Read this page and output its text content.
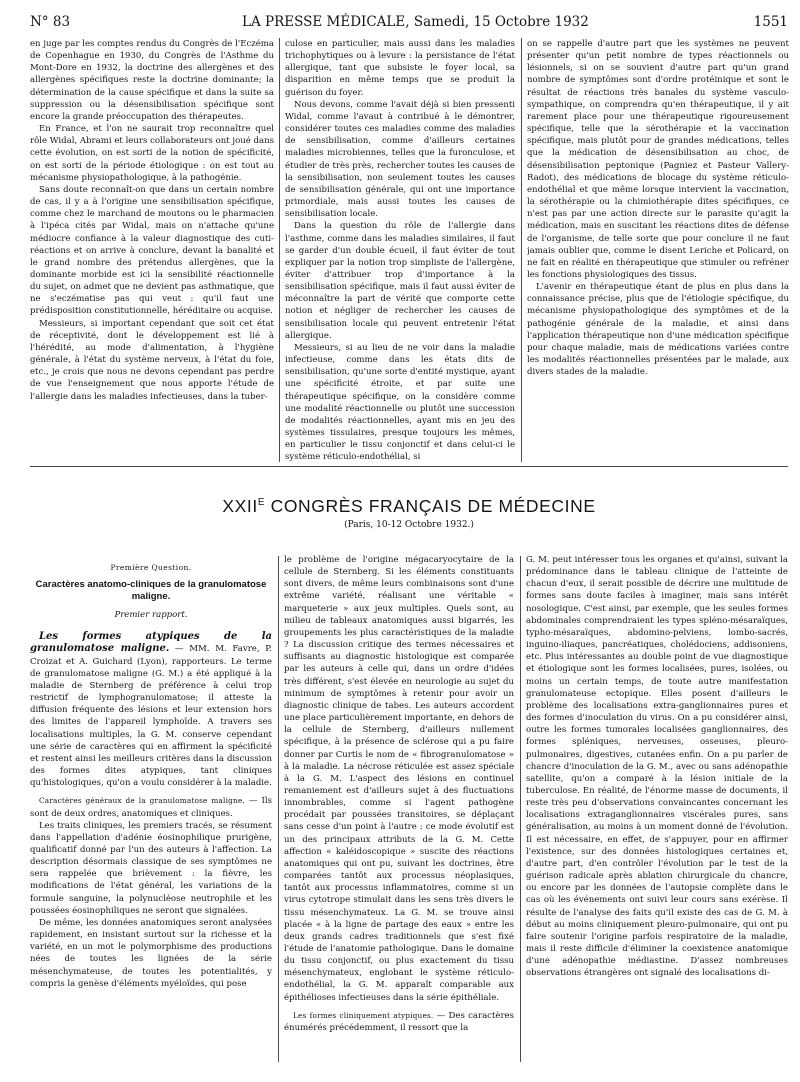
N° 83	LA PRESSE MÉDICALE, Samedi, 15 Octobre 1932	1551

en juge par les comptes rendus du Congrès de l'Eczéma de Copenhague en 1930, du Congrès de l'Asthme du Mont-Dore en 1932, la doctrine des allergènes et des allergènes spécifiques reste la doctrine dominante; la détermination de la cause spécifique et dans la suite sa suppression ou la désensibilisation spécifique sont encore la grande préoccupation des thérapeutes.

En France, et l'on ne saurait trop reconnaître quel rôle Widal, Abrami et leurs collaborateurs ont joué dans cette évolution, on est sorti de la notion de spécificité, on est sorti de la période étiologique : on est tout au mécanisme physiopathologique, à la pathogénie.

Sans doute reconnaît-on que dans un certain nombre de cas, il y a à l'origine une sensibilisation spécifique, comme chez le marchand de moutons ou le pharmacien à l'ipéca cités par Widal, mais on n'attache qu'une médiocre confiance à la valeur diagnostique des cuti-réactions et on arrive à conclure, devant la banalité et le grand nombre des prétendus allergènes, que la dominante morbide est ici la sensibilité réactionnelle du sujet, on admet que ne devient pas asthmatique, que ne s'eczématise pas qui veut : qu'il faut une prédisposition constitutionnelle, héréditaire ou acquise.

Messieurs, si important cependant que soit cet état de réceptivité, dont le développement est lié à l'hérédité, au mode d'alimentation, à l'hygiène générale, à l'état du système nerveux, à l'état du foie, etc., je crois que nous ne devons cependant pas perdre de vue l'enseignement que nous apporte l'étude de l'allergie dans les maladies infectieuses, dans la tuber-

culose en particulier, mais aussi dans les maladies trichophytiques ou à levure : la persistance de l'état allergique, tant que subsiste le foyer local, sa disparition en même temps que se produit la guérison du foyer.

Nous devons, comme l'avait déjà si bien pressenti Widal, comme l'avaut à contribué à le démontrer, considérer toutes ces maladies comme des maladies de sensibilisation, comme d'ailleurs certaines maladies microbiennes, telles que la furonculose, et étudier de très près, rechercher toutes les causes de la sensibilisation, non seulement toutes les causes de sensibilisation générale, qui ont une importance primordiale, mais aussi toutes les causes de sensibilisation locale.

Dans la question du rôle de l'allergie dans l'asthme, comme dans les maladies similaires, il faut se garder d'un double écueil, il faut éviter de tout expliquer par la notion trop simpliste de l'allergène, éviter d'attribuer trop d'importance à la sensibilisation spécifique, mais il faut aussi éviter de méconnaître la part de vérité que comporte cette notion et négliger de rechercher les causes de sensibilisation locale qui peuvent entretenir l'état allergique.

Messieurs, si au lieu de ne voir dans la maladie infectieuse, comme dans les états dits de sensibilisation, qu'une sorte d'entité mystique, ayant une spécificité étroite, et par suite une thérapeutique spécifique, on la considère comme une modalité réactionnelle ou plutôt une succession de modalités réactionnelles, ayant mis en jeu des systèmes tissulaires, presque toujours les mêmes, en particulier le tissu conjonctif et dans celui-ci le système réticulo-endothélial, si

on se rappelle d'autre part que les systèmes ne peuvent présenter qu'un petit nombre de types réactionnels ou lésionnels, si on se souvient d'autre part qu'un grand nombre de symptômes sont d'ordre protéinique et sont le résultat de réactions très banales du système vasculo-sympathique, on comprendra qu'en thérapeutique, il y ait rarement place pour une thérapeutique rigoureusement spécifique, telle que la sérothérapie et la vaccination spécifique, mais plutôt pour de grandes médications, telles que la médication de désensibilisation au choc, de désensibilisation peptonique (Pagniez et Pasteur Vallery-Radot), des médications de blocage du système réticulo-endothélial et que même lorsque intervient la vaccination, la sérothérapie ou la chimiothérapie dites spécifiques, ce n'est pas par une action directe sur le parasite qu'agit la médication, mais en suscitant les réactions dites de défense de l'organisme, de telle sorte que pour conclure il ne faut jamais oublier que, comme le disent Leriche et Policard, on ne fait en réalité en thérapeutique que stimuler ou refréner les fonctions physiologiques des tissus.

L'avenir en thérapeutique étant de plus en plus dans la connaissance précise, plus que de l'étiologie spécifique, du mécanisme physiopathologique des symptômes et de la pathogénie générale de la maladie, et ainsi dans l'application thérapeutique non d'une médication spécifique pour chaque maladie, mais de médications variées contre les modalités réactionnelles présentées par le malade, aux divers stades de la maladie.

$XXII^E$ CONGRÈS FRANÇAIS DE MÉDECINE
(Paris, 10-12 Octobre 1932.)

Première Question.

Caractères anatomo-cliniques de la granulomatose maligne.

Premier rapport.

Les formes atypiques de la granulomatose maligne. — MM. M. Favre, P. Croizat et A. Guichard (Lyon), rapporteurs. Le terme de granulomatose maligne (G. M.) a été appliqué à la maladie de Sternberg de préférence à celui trop restrictif de lymphogranulomatose; il atteste la diffusion fréquente des lésions et leur extension hors des limites de l'appareil lymphoïde. A travers ses localisations multiples, la G. M. conserve cependant une série de caractères qui en affirment la spécificité et restent ainsi les meilleurs critères dans la discussion des formes dites atypiques, tant cliniques qu'histologiques, qu'on a voulu considérer à la maladie.

Caractères généraux de la granulomatose maligne. — Ils sont de deux ordres, anatomiques et cliniques.

Les traits cliniques, les premiers tracés, se résument dans l'appellation d'adénie éosinophilique prurigène, qualificatif donné par l'un des auteurs à l'affection. La description désormais classique de ses symptômes ne sera rappelée que brièvement : la fièvre, les modifications de l'état général, les variations de la formule sanguine, la polynucléose neutrophile et les poussées éosinophiliques ne seront que signalées.

De même, les données anatomiques seront analysées rapidement, en insistant surtout sur la richesse et la variété, en un mot le polymorphisme des productions nées de toutes les lignées de la série mésenchymateuse, de toutes les potentialités, y compris la genèse d'éléments myéloïdes, qui pose

le problème de l'origine mégacaryocytaire de la cellule de Sternberg. Si les éléments constituants sont divers, de même leurs combinaisons sont d'une extrême variété, réalisant une véritable « marqueterie » aux jeux multiples. Quels sont, au milieu de tableaux anatomiques aussi bigarrés, les groupements les plus caractéristiques de la maladie ? La discussion critique des termes nécessaires et suffisants au diagnostic histologique est comparée par les auteurs à celle qui, dans un ordre d'idées très différent, s'est élevée en neurologie au sujet du minimum de symptômes à retenir pour avoir un diagnostic clinique de tabes. Les auteurs accordent une place particulièrement importante, en dehors de la cellule de Sternberg, d'ailleurs nullement spécifique, à la présence de sclérose qui a pu faire donner par Curtis le nom de « fibrogranulomatose » à la maladie. La nécrose réticulée est assez spéciale à la G. M. L'aspect des lésions en continuel remaniement est d'ailleurs sujet à des fluctuations innombrables, comme si l'agent pathogène procédait par poussées transitoires, se déplaçant sans cesse d'un point à l'autre : ce mode évolutif est un des principaux attributs de la G. M. Cette affection « kaléidoscopique » suscite des réactions anatomiques qui ont pu, suivant les doctrines, être comparées tantôt aux processus néoplasiques, tantôt aux processus inflammatoires, comme si un virus cytotrope stimulait dans les sens très divers le tissu mésenchymateux. La G. M. se trouve ainsi placée « à la ligne de partage des eaux » entre les deux grands cadres traditionnels que s'est fixé l'étude de l'anatomie pathologique. Dans le domaine du tissu conjonctif, ou plus exactement du tissu mésenchymateux, englobant le système réticulo-endothélial, la G. M. apparaît comparable aux épithélioses infectieuses dans la série épithéliale.

Les formes cliniquement atypiques. — Des caractères énumérés précédemment, il ressort que la

G. M. peut intéresser tous les organes et qu'ainsi, suivant la prédominance dans le tableau clinique de l'atteinte de chacun d'eux, il serait possible de décrire une multitude de formes sans doute faciles à imaginer, mais sans intérêt nosologique. C'est ainsi, par exemple, que les seules formes abdominales comprendraient les types spléno-mésaraïques, typho-mésaraïques, abdomino-pelviens, lombo-sacrés, inguino-iliaques, pancréatiques, cholédociens, addisoniens, etc. Plus intéressantes au double point de vue diagnostique et étiologique sont les formes localisées, pures, isolées, ou moins un certain temps, de toute autre manifestation granulomateuse ectopique. Elles posent d'ailleurs le problème des localisations extra-ganglionnaires pures et des formes d'inoculation du virus. On a pu considérer ainsi, outre les formes tumorales localisées ganglionnaires, des formes spléniques, nerveuses, osseuses, pleuro-pulmonaires, digestives, cutanées enfin. On a pu parler de chancre d'inoculation de la G. M., avec ou sans adénopathie satellite, qu'on a comparé à la lésion initiale de la tuberculose. En réalité, de l'énorme masse de documents, il reste très peu d'observations convaincantes concernant les localisations extraganglionnaires viscérales pures, sans généralisation, au moins à un moment donné de l'évolution. Il est nécessaire, en effet, de s'appuyer, pour en affirmer l'existence, sur des données histologiques certaines et, d'autre part, d'en contrôler l'évolution par le test de la guérison radicale après ablation chirurgicale du chancre, ou encore par les données de l'autopsie complète dans le cas où les événements ont suivi leur cours sans exérèse. Il résulte de l'analyse des faits qu'il existe des cas de G. M. à début au moins cliniquement pleuro-pulmonaire, qui ont pu faire soutenir l'origine parfois respiratoire de la maladie, mais il reste difficile d'éliminer la coexistence anatomique d'une adénopathie médiastine. D'assez nombreuses observations étrangères ont signalé des localisations di-
